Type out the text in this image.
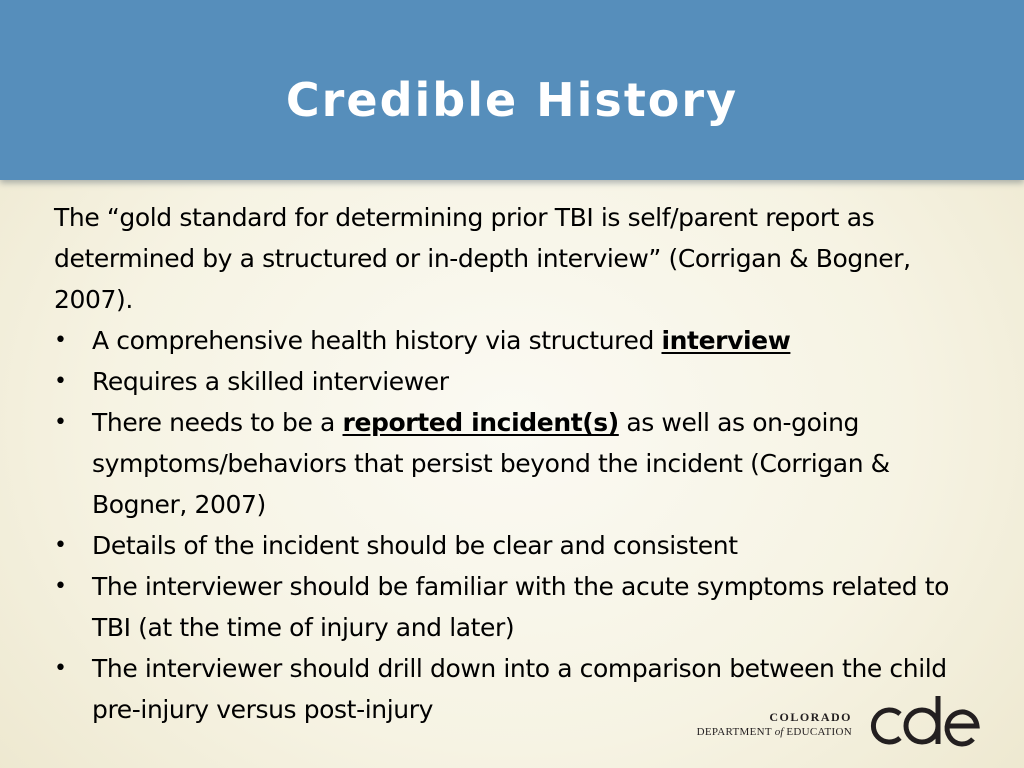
Credible History

The “gold standard for determining prior TBI is self/parent report as determined by a structured or in-depth interview” (Corrigan & Bogner, 2007).

• A comprehensive health history via structured interview
• Requires a skilled interviewer
• There needs to be a reported incident(s) as well as on-going symptoms/behaviors that persist beyond the incident (Corrigan & Bogner, 2007)
• Details of the incident should be clear and consistent
• The interviewer should be familiar with the acute symptoms related to TBI (at the time of injury and later)
• The interviewer should drill down into a comparison between the child pre-injury versus post-injury	COLORADO
DEPARTMENT of EDUCATION
